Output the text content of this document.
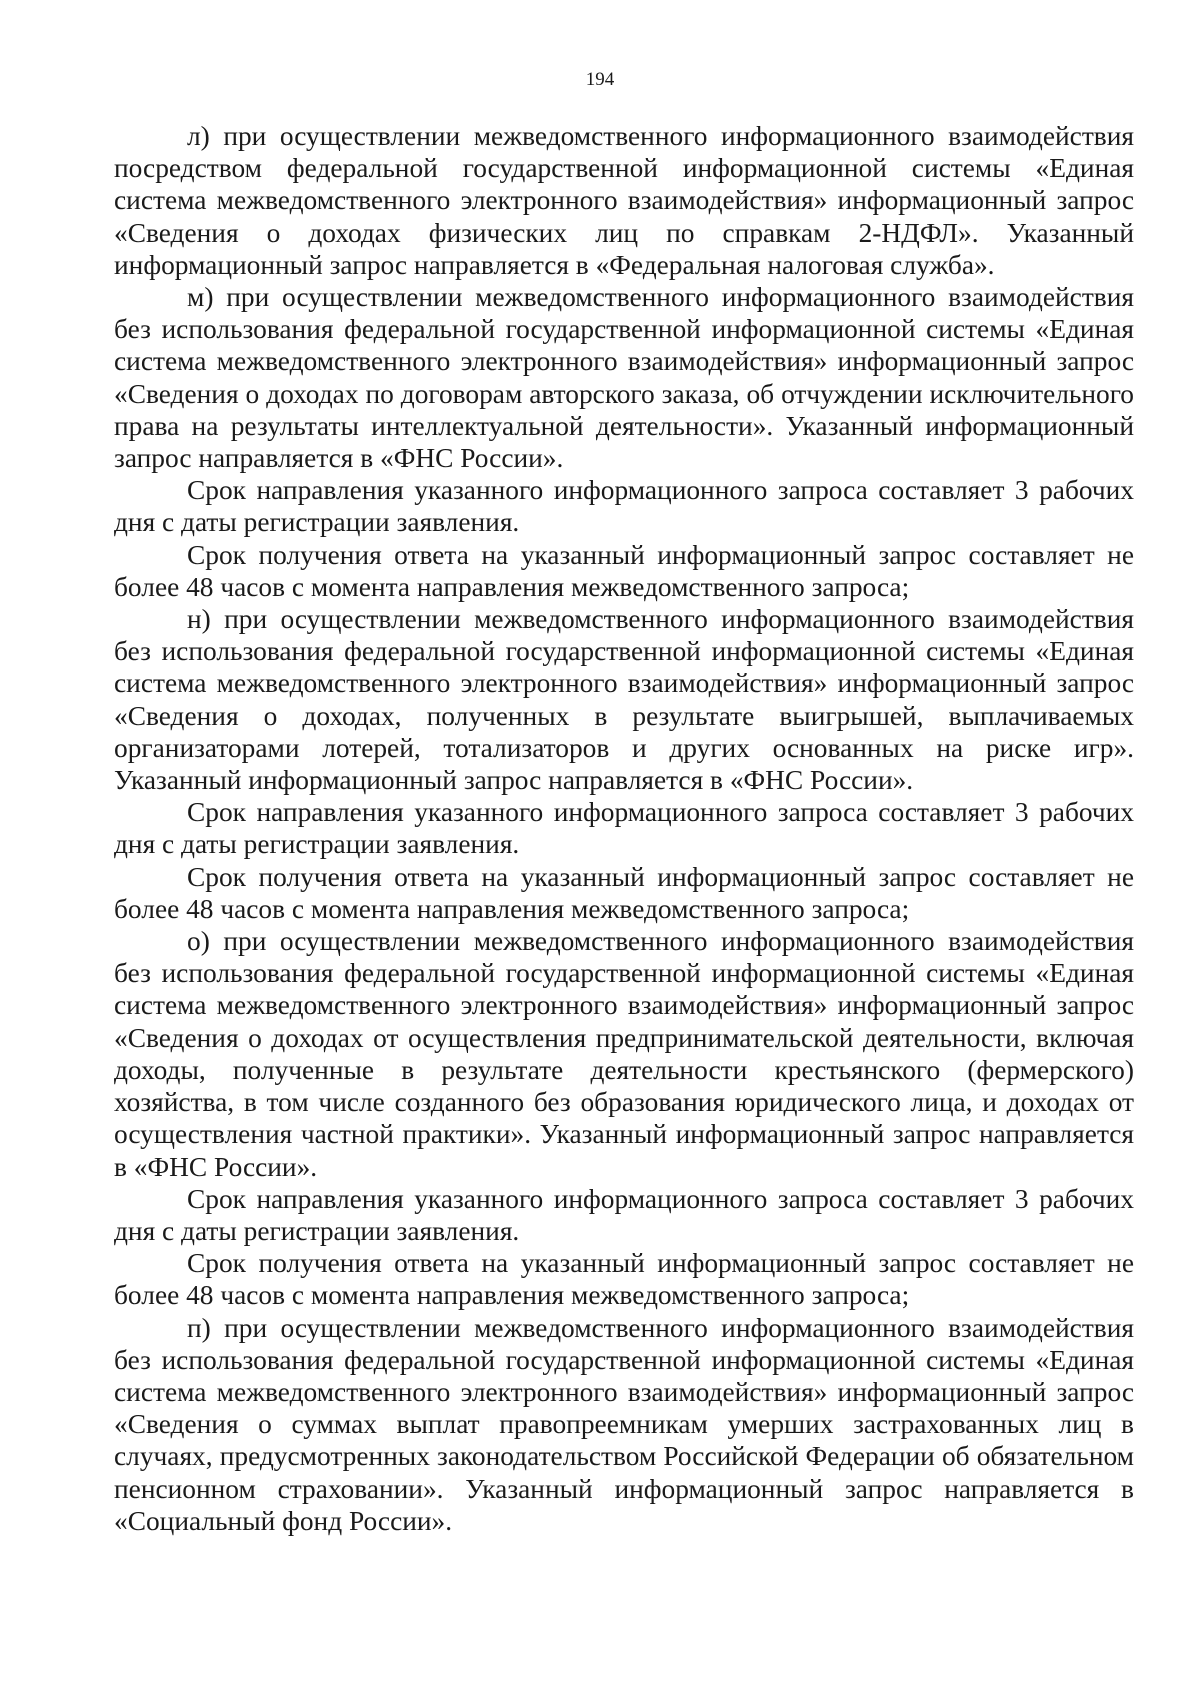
194

л) при осуществлении межведомственного информационного взаимодействия посредством федеральной государственной информационной системы «Единая система межведомственного электронного взаимодействия» информационный запрос «Сведения о доходах физических лиц по справкам 2-НДФЛ». Указанный информационный запрос направляется в «Федеральная налоговая служба».

м) при осуществлении межведомственного информационного взаимодействия без использования федеральной государственной информационной системы «Единая система межведомственного электронного взаимодействия» информационный запрос «Сведения о доходах по договорам авторского заказа, об отчуждении исключительного права на результаты интеллектуальной деятельности». Указанный информационный запрос направляется в «ФНС России».

Срок направления указанного информационного запроса составляет 3 рабочих дня с даты регистрации заявления.

Срок получения ответа на указанный информационный запрос составляет не более 48 часов с момента направления межведомственного запроса;

н) при осуществлении межведомственного информационного взаимодействия без использования федеральной государственной информационной системы «Единая система межведомственного электронного взаимодействия» информационный запрос «Сведения о доходах, полученных в результате выигрышей, выплачиваемых организаторами лотерей, тотализаторов и других основанных на риске игр». Указанный информационный запрос направляется в «ФНС России».

Срок направления указанного информационного запроса составляет 3 рабочих дня с даты регистрации заявления.

Срок получения ответа на указанный информационный запрос составляет не более 48 часов с момента направления межведомственного запроса;

о) при осуществлении межведомственного информационного взаимодействия без использования федеральной государственной информационной системы «Единая система межведомственного электронного взаимодействия» информационный запрос «Сведения о доходах от осуществления предпринимательской деятельности, включая доходы, полученные в результате деятельности крестьянского (фермерского) хозяйства, в том числе созданного без образования юридического лица, и доходах от осуществления частной практики». Указанный информационный запрос направляется в «ФНС России».

Срок направления указанного информационного запроса составляет 3 рабочих дня с даты регистрации заявления.

Срок получения ответа на указанный информационный запрос составляет не более 48 часов с момента направления межведомственного запроса;

п) при осуществлении межведомственного информационного взаимодействия без использования федеральной государственной информационной системы «Единая система межведомственного электронного взаимодействия» информационный запрос «Сведения о суммах выплат правопреемникам умерших застрахованных лиц в случаях, предусмотренных законодательством Российской Федерации об обязательном пенсионном страховании». Указанный информационный запрос направляется в «Социальный фонд России».
